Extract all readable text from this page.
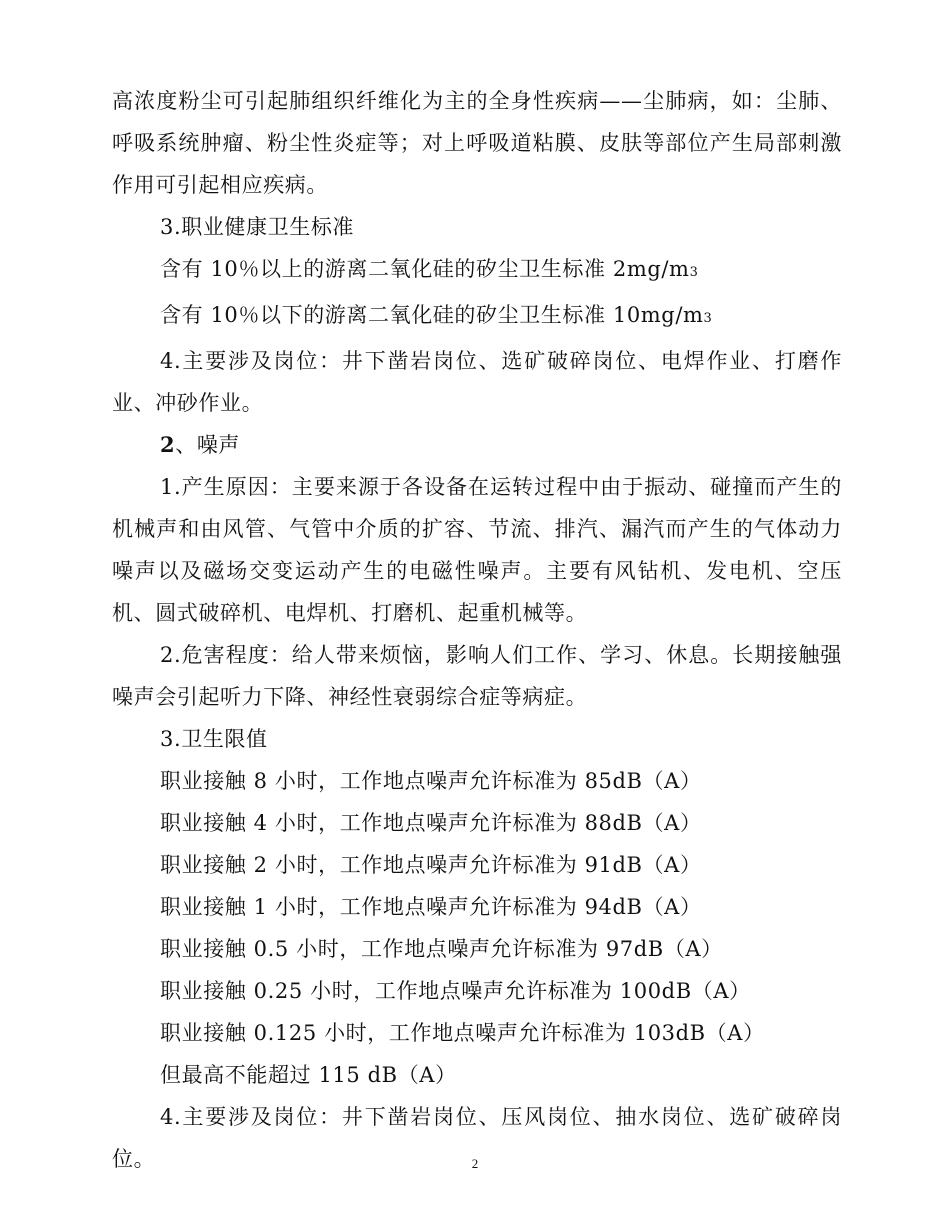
高浓度粉尘可引起肺组织纤维化为主的全身性疾病——尘肺病，如：尘肺、呼吸系统肿瘤、粉尘性炎症等；对上呼吸道粘膜、皮肤等部位产生局部刺激作用可引起相应疾病。

3.职业健康卫生标准

含有 10％以上的游离二氧化硅的矽尘卫生标准 2mg/m3

含有 10％以下的游离二氧化硅的矽尘卫生标准 10mg/m3

4.主要涉及岗位：井下凿岩岗位、选矿破碎岗位、电焊作业、打磨作业、冲砂作业。

2、噪声

1.产生原因：主要来源于各设备在运转过程中由于振动、碰撞而产生的机械声和由风管、气管中介质的扩容、节流、排汽、漏汽而产生的气体动力噪声以及磁场交变运动产生的电磁性噪声。主要有风钻机、发电机、空压机、圆式破碎机、电焊机、打磨机、起重机械等。

2.危害程度：给人带来烦恼，影响人们工作、学习、休息。长期接触强噪声会引起听力下降、神经性衰弱综合症等病症。

3.卫生限值

职业接触 8 小时，工作地点噪声允许标准为 85dB（A）

职业接触 4 小时，工作地点噪声允许标准为 88dB（A）

职业接触 2 小时，工作地点噪声允许标准为 91dB（A）

职业接触 1 小时，工作地点噪声允许标准为 94dB（A）

职业接触 0.5 小时，工作地点噪声允许标准为 97dB（A）

职业接触 0.25 小时，工作地点噪声允许标准为 100dB（A）

职业接触 0.125 小时，工作地点噪声允许标准为 103dB（A）

但最高不能超过 115 dB（A）

4.主要涉及岗位：井下凿岩岗位、压风岗位、抽水岗位、选矿破碎岗位。	2
